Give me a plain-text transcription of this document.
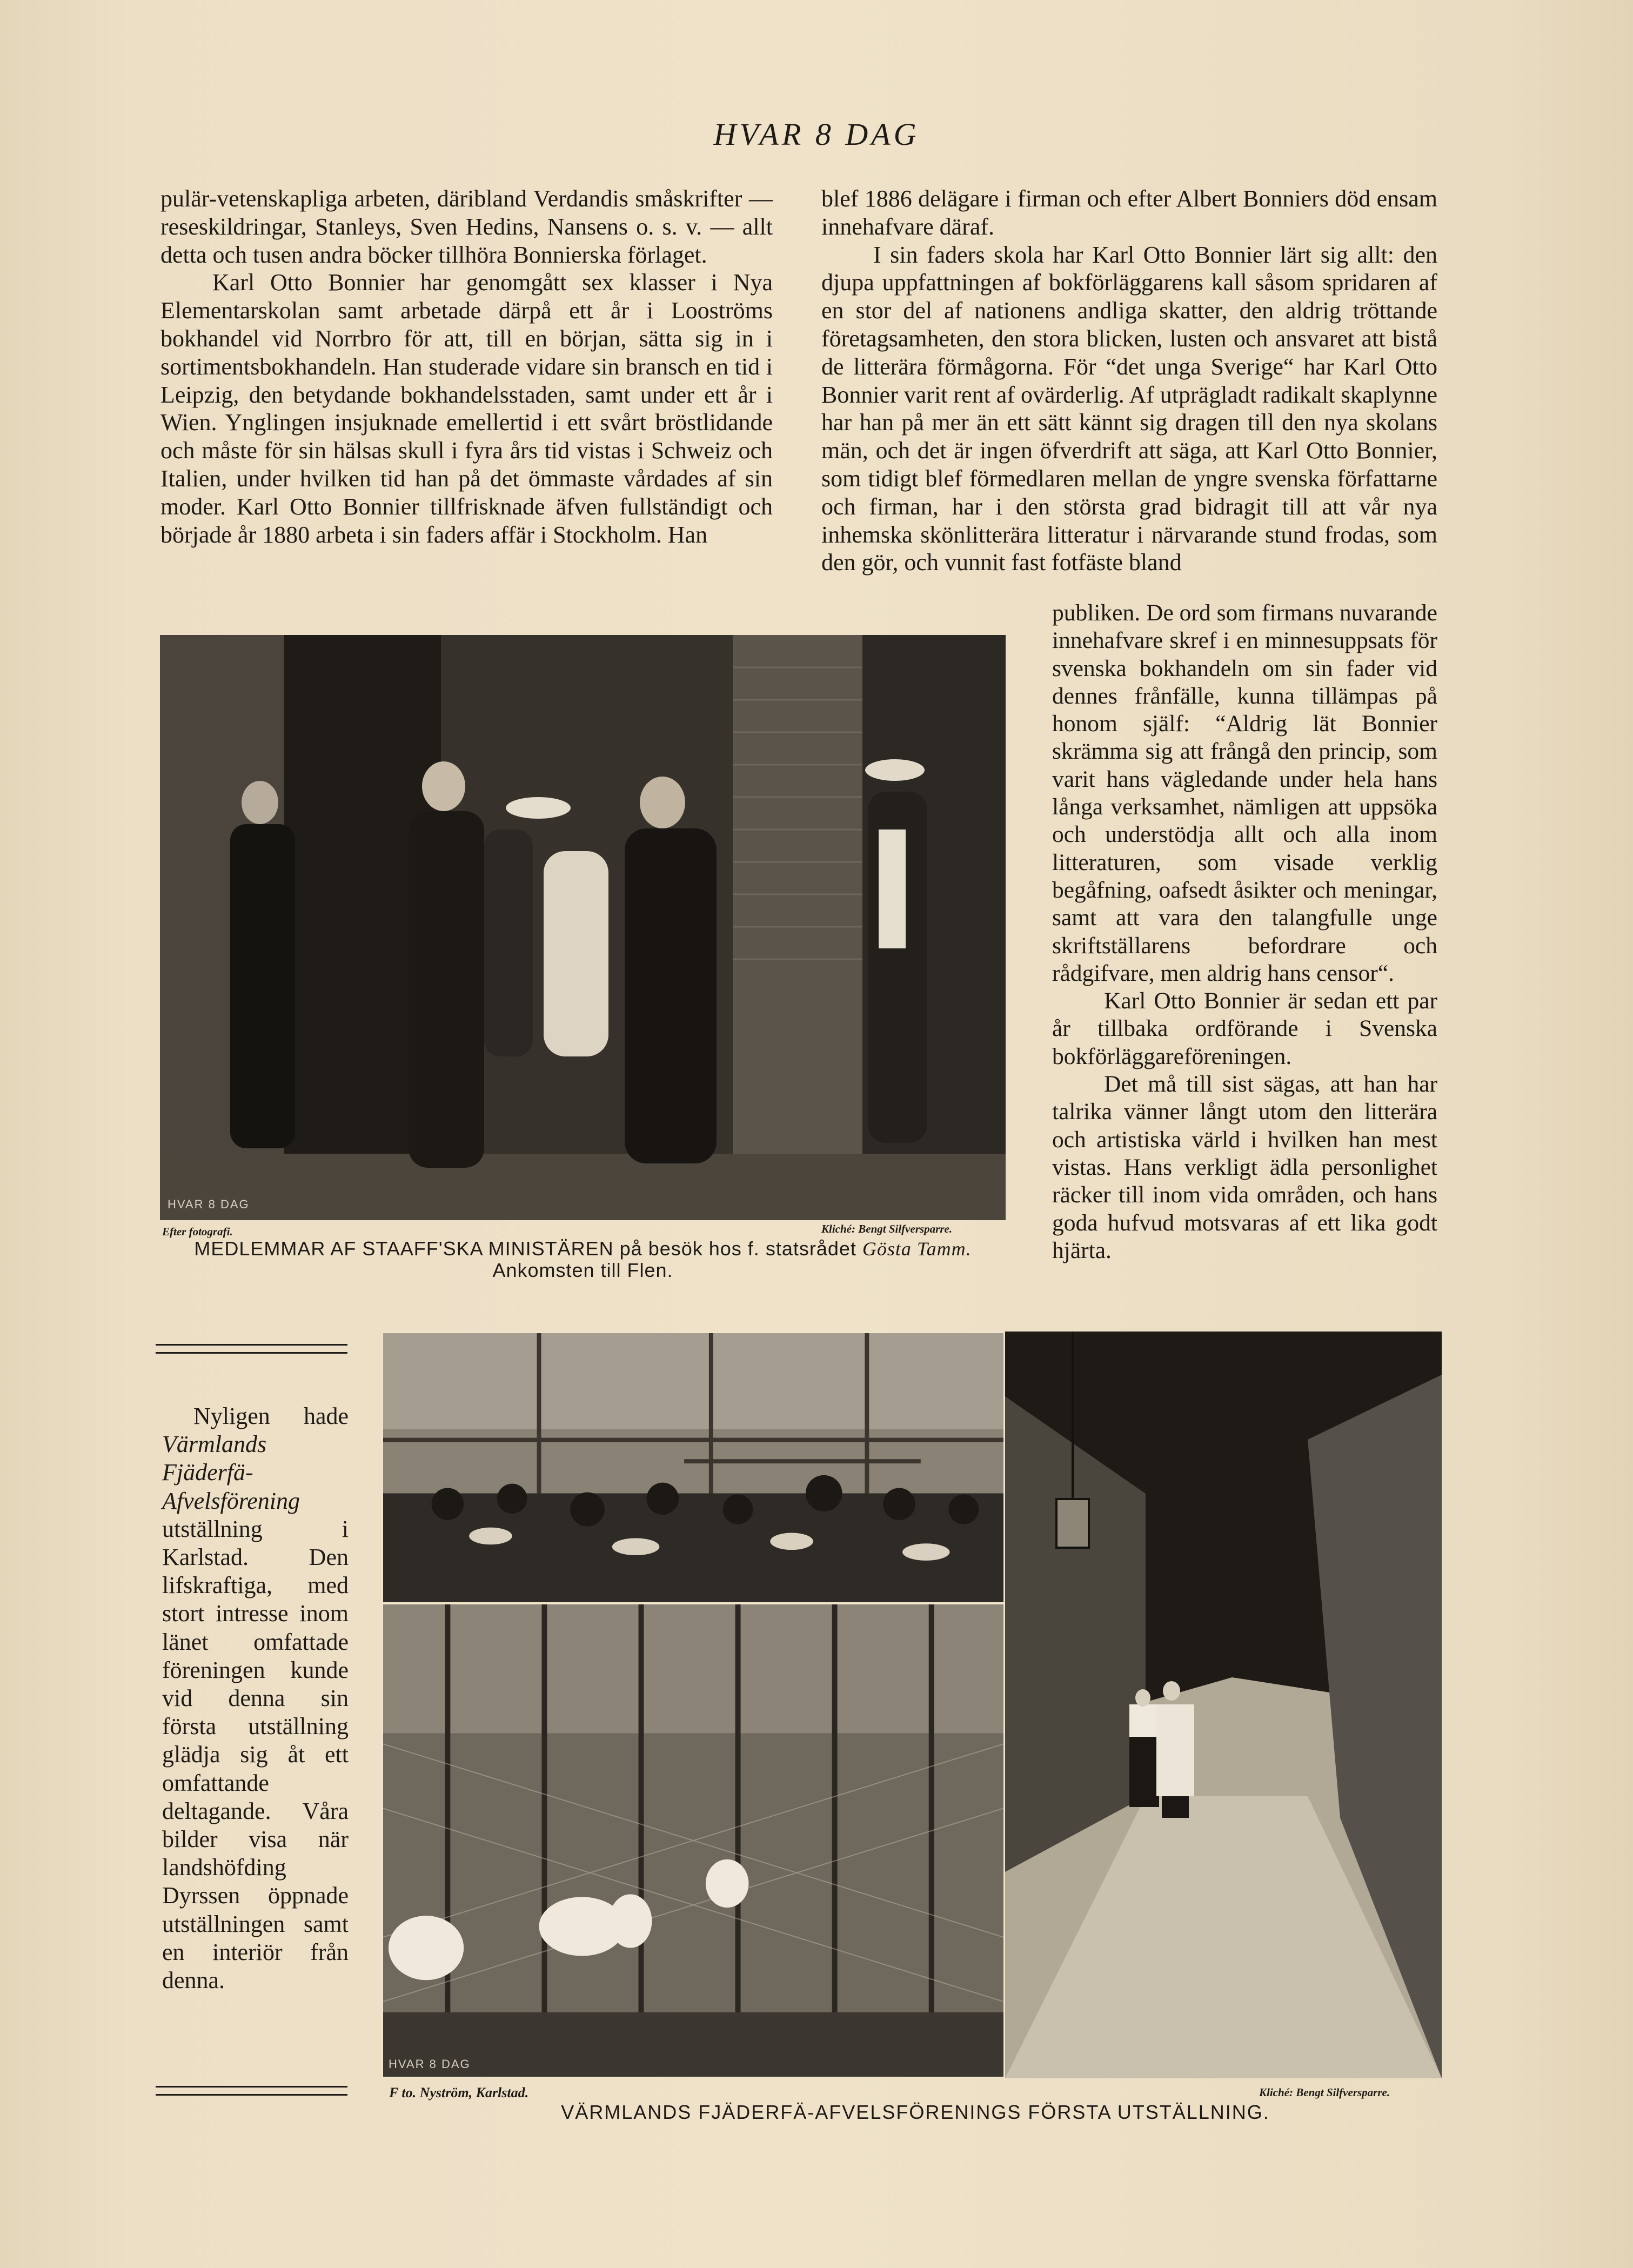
HVAR 8 DAG

pulär-vetenskapliga arbeten, däribland Verdandis småskrifter — reseskildringar, Stanleys, Sven Hedins, Nansens o. s. v. — allt detta och tusen andra böcker tillhöra Bonnierska förlaget.

Karl Otto Bonnier har genomgått sex klasser i Nya Elementarskolan samt arbetade därpå ett år i Looströms bokhandel vid Norrbro för att, till en början, sätta sig in i sortimentsbokhandeln. Han studerade vidare sin bransch en tid i Leipzig, den betydande bokhandelsstaden, samt under ett år i Wien. Ynglingen insjuknade emellertid i ett svårt bröstlidande och måste för sin hälsas skull i fyra års tid vistas i Schweiz och Italien, under hvilken tid han på det ömmaste vårdades af sin moder. Karl Otto Bonnier tillfrisknade äfven fullständigt och började år 1880 arbeta i sin faders affär i Stockholm. Han

blef 1886 delägare i firman och efter Albert Bonniers död ensam innehafvare däraf.

I sin faders skola har Karl Otto Bonnier lärt sig allt: den djupa uppfattningen af bokförläggarens kall såsom spridaren af en stor del af nationens andliga skatter, den aldrig tröttande företagsamheten, den stora blicken, lusten och ansvaret att bistå de litterära förmågorna. För “det unga Sverige“ har Karl Otto Bonnier varit rent af ovärderlig. Af utprägladt radikalt skaplynne har han på mer än ett sätt kännt sig dragen till den nya skolans män, och det är ingen öfverdrift att säga, att Karl Otto Bonnier, som tidigt blef förmedlaren mellan de yngre svenska författarne och firman, har i den största grad bidragit till att vår nya inhemska skönlitterära litteratur i närvarande stund frodas, som den gör, och vunnit fast fotfäste bland

publiken. De ord som firmans nuvarande innehafvare skref i en minnesuppsats för svenska bokhandeln om sin fader vid dennes frånfälle, kunna tillämpas på honom själf: “Aldrig lät Bonnier skrämma sig att frångå den princip, som varit hans vägledande under hela hans långa verksamhet, nämligen att uppsöka och understödja allt och alla inom litteraturen, som visade verklig begåfning, oafsedt åsikter och meningar, samt att vara den talangfulle unge skriftställarens befordrare och rådgifvare, men aldrig hans censor“.

Karl Otto Bonnier är sedan ett par år tillbaka ordförande i Svenska bokförläggareföreningen.

Det må till sist sägas, att han har talrika vänner långt utom den litterära och artistiska värld i hvilken han mest vistas. Hans verkligt ädla personlighet räcker till inom vida områden, och hans goda hufvud motsvaras af ett lika godt hjärta.

HVAR 8 DAG
Efter fotografi.	Kliché: Bengt Silfversparre.
MEDLEMMAR AF STAAFF'SKA MINISTÄREN på besök hos f. statsrådet Gösta Tamm.
Ankomsten till Flen.

Nyligen hade Värmlands Fjäderfä-Afvelsförening utställning i Karlstad. Den lifskraftiga, med stort intresse inom länet omfattade föreningen kunde vid denna sin första utställning glädja sig åt ett omfattande deltagande. Våra bilder visa när landshöfding Dyrssen öppnade utställningen samt en interiör från denna.

HVAR 8 DAG
F to. Nyström, Karlstad.	Kliché: Bengt Silfversparre.
VÄRMLANDS FJÄDERFÄ-AFVELSFÖRENINGS FÖRSTA UTSTÄLLNING.
